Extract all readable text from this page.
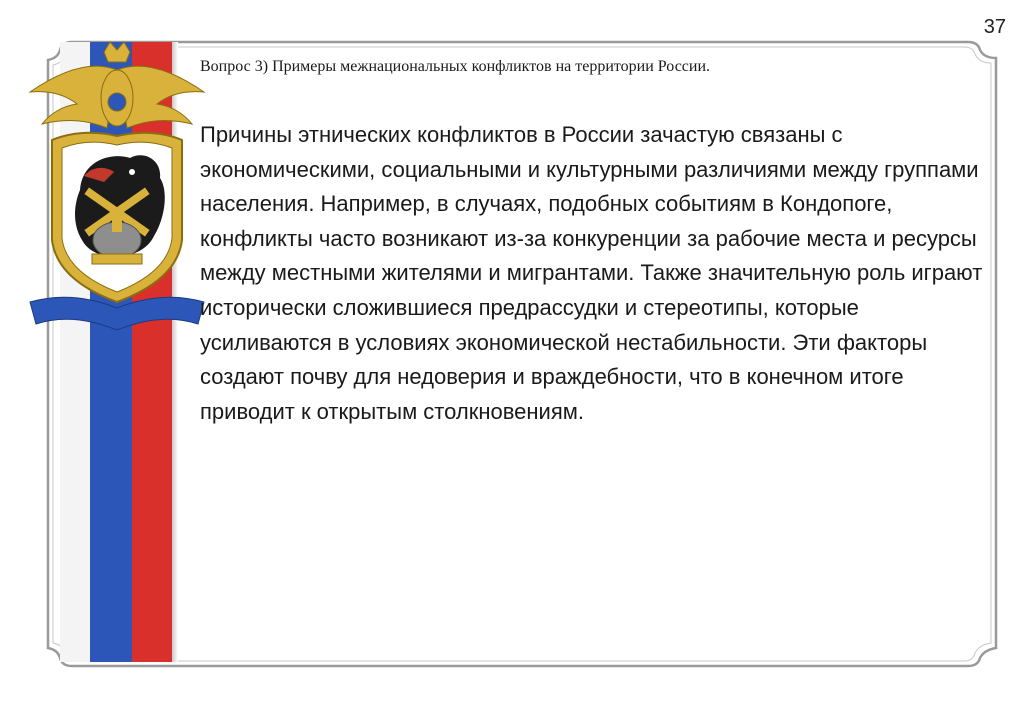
37
Вопрос 3) Примеры межнациональных конфликтов на территории России.
Причины этнических конфликтов в России зачастую связаны с экономическими, социальными и культурными различиями между группами населения. Например, в случаях, подобных событиям в Кондопоге, конфликты часто возникают из-за конкуренции за рабочие места и ресурсы между местными жителями и мигрантами. Также значительную роль играют исторически сложившиеся предрассудки и стереотипы, которые усиливаются в условиях экономической нестабильности. Эти факторы создают почву для недоверия и враждебности, что в конечном итоге приводит к открытым столкновениям.
